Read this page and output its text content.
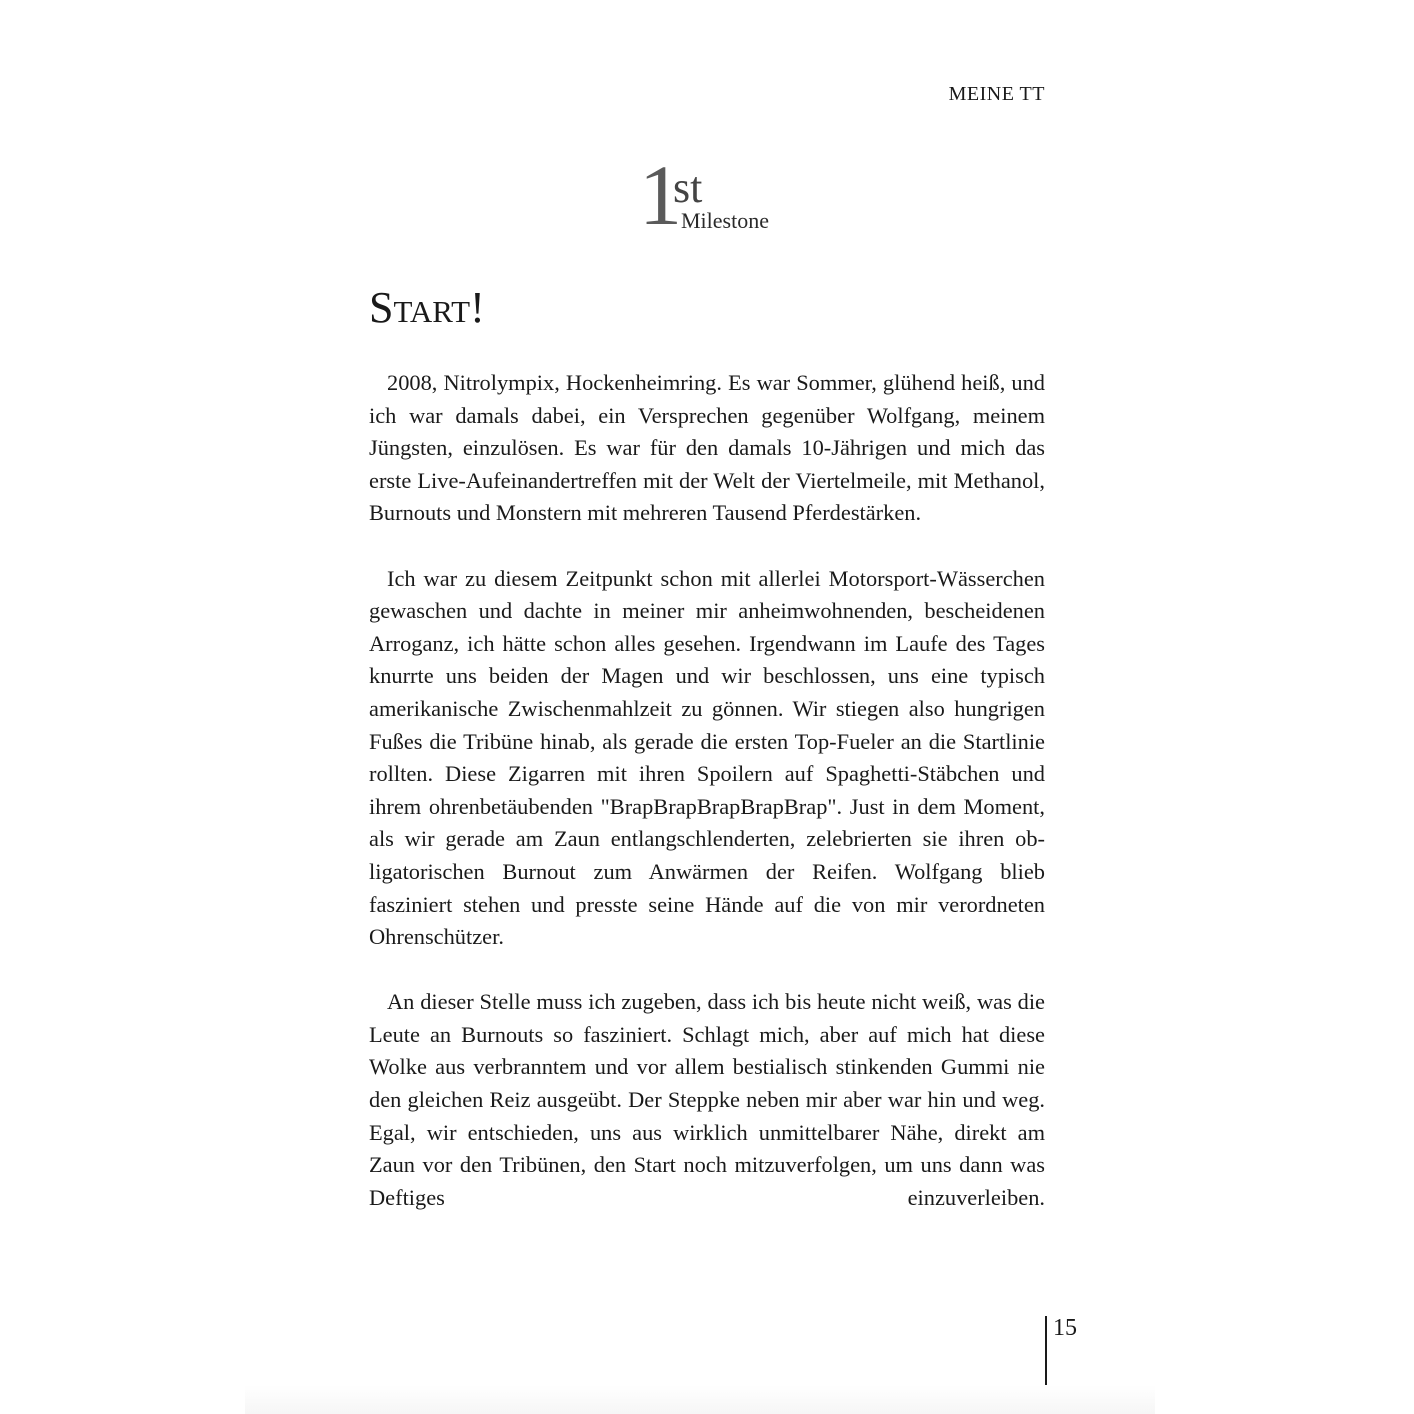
MEINE TT
1
st
Milestone
Start!

2008, Nitrolympix, Hockenheimring. Es war Sommer, glühend heiß, und ich war damals dabei, ein Versprechen gegenüber Wolfgang, meinem Jüngsten, einzulösen. Es war für den damals 10-Jährigen und mich das erste Live-Aufeinandertreffen mit der Welt der Viertelmeile, mit Methanol, Burnouts und Monstern mit mehreren Tausend Pferdestärken.

Ich war zu diesem Zeitpunkt schon mit allerlei Motorsport-Wässerchen gewaschen und dachte in meiner mir anheimwohnenden, bescheidenen Arroganz, ich hätte schon alles gesehen. Irgendwann im Laufe des Tages knurrte uns beiden der Magen und wir beschlossen, uns eine typisch amerikanische Zwischenmahlzeit zu gönnen. Wir stiegen also hungrigen Fußes die Tribüne hinab, als gerade die ersten Top-Fueler an die Startlinie rollten. Diese Zigarren mit ihren Spoilern auf Spaghetti-Stäbchen und ihrem ohrenbetäubenden "BrapBrapBrapBrapBrap". Just in dem Moment, als wir gerade am Zaun entlangschlenderten, zelebrierten sie ihren obligatorischen Burnout zum Anwärmen der Reifen. Wolfgang blieb fasziniert stehen und presste seine Hände auf die von mir verordneten Ohrenschützer.

An dieser Stelle muss ich zugeben, dass ich bis heute nicht weiß, was die Leute an Burnouts so fasziniert. Schlagt mich, aber auf mich hat diese Wolke aus verbranntem und vor allem bestialisch stinkenden Gummi nie den gleichen Reiz ausgeübt. Der Steppke neben mir aber war hin und weg. Egal, wir entschieden, uns aus wirklich unmittelbarer Nähe, direkt am Zaun vor den Tribünen, den Start noch mitzuverfolgen, um uns dann was Deftiges einzuverleiben.

15
